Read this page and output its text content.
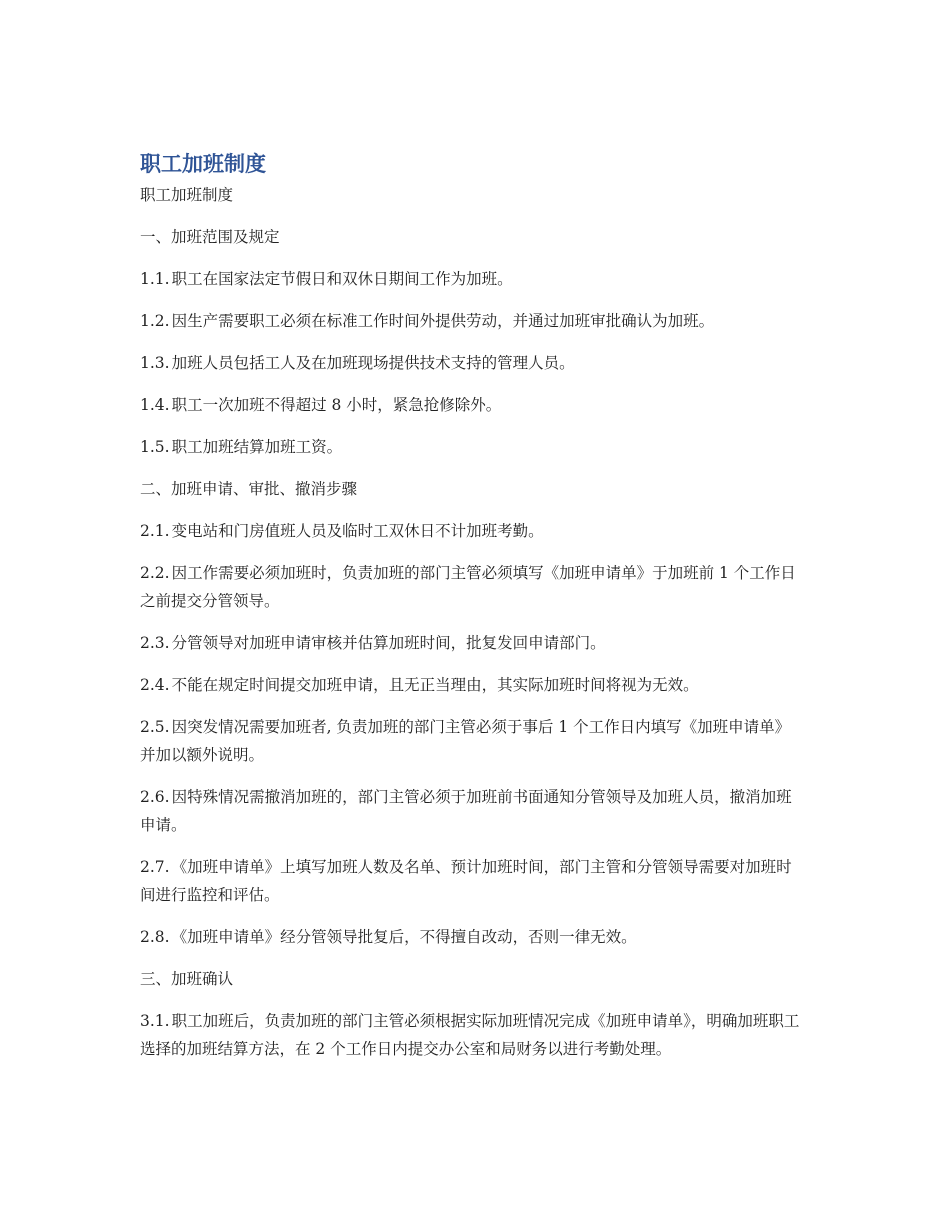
职工加班制度

职工加班制度

一、加班范围及规定

1.1. 职工在国家法定节假日和双休日期间工作为加班。

1.2. 因生产需要职工必须在标准工作时间外提供劳动，并通过加班审批确认为加班。

1.3. 加班人员包括工人及在加班现场提供技术支持的管理人员。

1.4. 职工一次加班不得超过 8 小时，紧急抢修除外。

1.5. 职工加班结算加班工资。

二、加班申请、审批、撤消步骤

2.1. 变电站和门房值班人员及临时工双休日不计加班考勤。

2.2. 因工作需要必须加班时，负责加班的部门主管必须填写《加班申请单》于加班前 1 个工作日之前提交分管领导。

2.3. 分管领导对加班申请审核并估算加班时间，批复发回申请部门。

2.4. 不能在规定时间提交加班申请，且无正当理由，其实际加班时间将视为无效。

2.5. 因突发情况需要加班者, 负责加班的部门主管必须于事后 1 个工作日内填写《加班申请单》并加以额外说明。

2.6. 因特殊情况需撤消加班的，部门主管必须于加班前书面通知分管领导及加班人员，撤消加班申请。

2.7. 《加班申请单》上填写加班人数及名单、预计加班时间，部门主管和分管领导需要对加班时间进行监控和评估。

2.8. 《加班申请单》经分管领导批复后，不得擅自改动，否则一律无效。

三、加班确认

3.1. 职工加班后，负责加班的部门主管必须根据实际加班情况完成《加班申请单》，明确加班职工选择的加班结算方法，在 2 个工作日内提交办公室和局财务以进行考勤处理。
